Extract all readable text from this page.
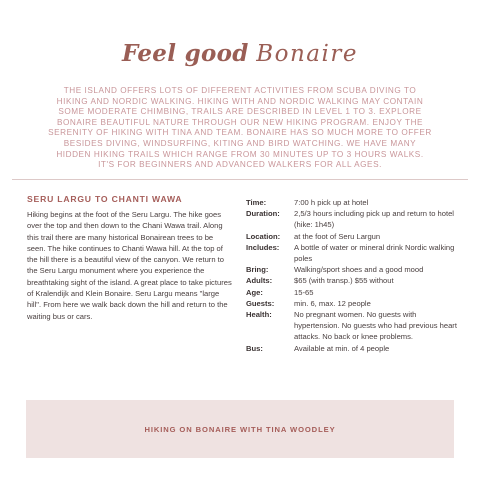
Feel good Bonaire
THE ISLAND OFFERS LOTS OF DIFFERENT ACTIVITIES FROM SCUBA DIVING TO HIKING AND NORDIC WALKING. HIKING WITH AND NORDIC WALKING MAY CONTAIN SOME MODERATE CHIMBING, TRAILS ARE DESCRIBED IN LEVEL 1 TO 3. EXPLORE BONAIRE BEAUTIFUL NATURE THROUGH OUR NEW HIKING PROGRAM. ENJOY THE SERENITY OF HIKING WITH TINA AND TEAM. BONAIRE HAS SO MUCH MORE TO OFFER BESIDES DIVING, WINDSURFING, KITING AND BIRD WATCHING. WE HAVE MANY HIDDEN HIKING TRAILS WHICH RANGE FROM 30 MINUTES UP TO 3 HOURS WALKS. IT'S FOR BEGINNERS AND ADVANCED WALKERS FOR ALL AGES.
SERU LARGU TO CHANTI WAWA
Hiking begins at the foot of the Seru Largu. The hike goes over the top and then down to the Chani Wawa trail. Along this trail there are many historical Bonairean trees to be seen. The hike continues to Chanti Wawa hill. At the top of the hill there is a beautiful view of the canyon. We return to the Seru Largu monument where you experience the breathtaking sight of the island. A great place to take pictures of Kralendijk and Klein Bonaire. Seru Largu means "large hill". From here we walk back down the hill and return to the waiting bus or cars.
Time:	7:00 h pick up at hotel
Duration:	2,5/3 hours including pick up and return to hotel (hike: 1h45)
Location:	at the foot of Seru Largun
Includes:	A bottle of water or mineral drink Nordic walking poles
Bring:	Walking/sport shoes and a good mood
Adults:	$65 (with transp.) $55 without
Age:	15-65
Guests:	min. 6, max. 12 people
Health:	No pregnant women. No guests with hypertension. No guests who had previous heart attacks. No back or knee problems.
Bus:	Available at min. of 4 people
HIKING ON BONAIRE WITH TINA WOODLEY
